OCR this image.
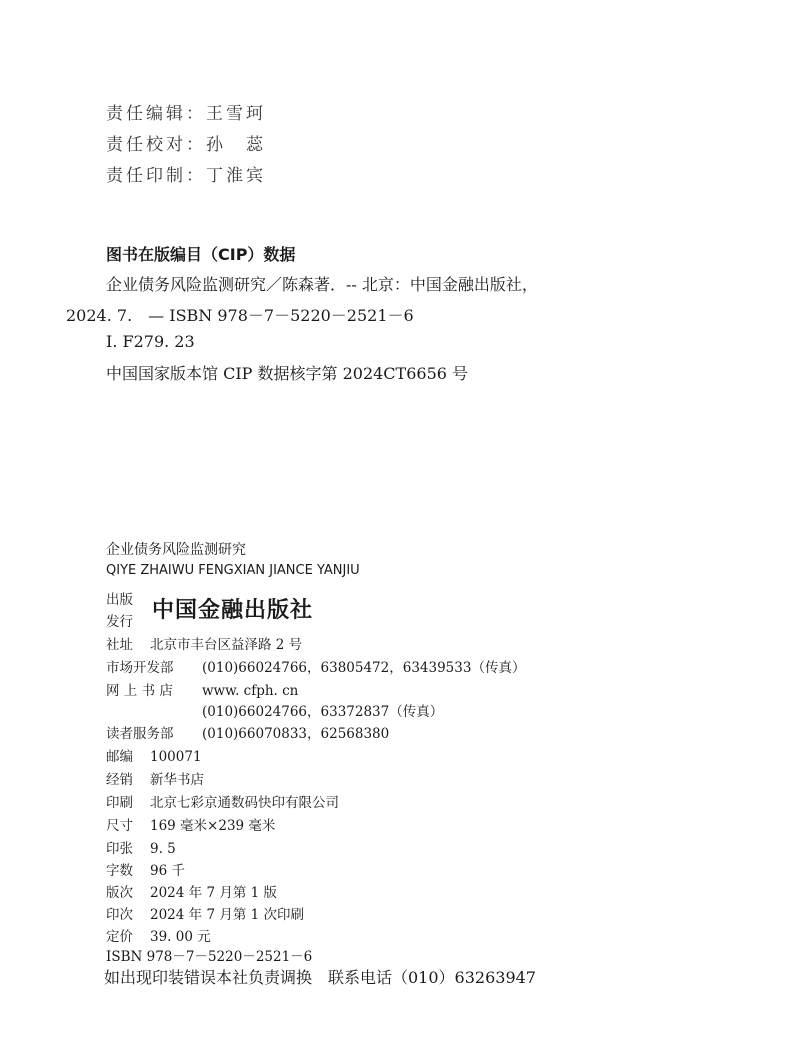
责任编辑：王雪珂
责任校对：孙　蕊
责任印制：丁淮宾
图书在版编目（CIP）数据
企业债务风险监测研究／陈森著．-- 北京：中国金融出版社，
2024. 7.　— ISBN 978－7－5220－2521－6
Ⅰ. F279. 23
中国国家版本馆 CIP 数据核字第 2024CT6656 号
企业债务风险监测研究
QIYE ZHAIWU FENGXIAN JIANCE YANJIU
出版
发行 中国金融出版社
社址 北京市丰台区益泽路 2 号
市场开发部 (010)66024766，63805472，63439533（传真）
网 上 书 店 www. cfph. cn
(010)66024766，63372837（传真）
读者服务部 (010)66070833，62568380
邮编 100071
经销 新华书店
印刷 北京七彩京通数码快印有限公司
尺寸 169 毫米×239 毫米
印张 9. 5
字数 96 千
版次 2024 年 7 月第 1 版
印次 2024 年 7 月第 1 次印刷
定价 39. 00 元
ISBN 978－7－5220－2521－6
如出现印装错误本社负责调换　联系电话（010）63263947
